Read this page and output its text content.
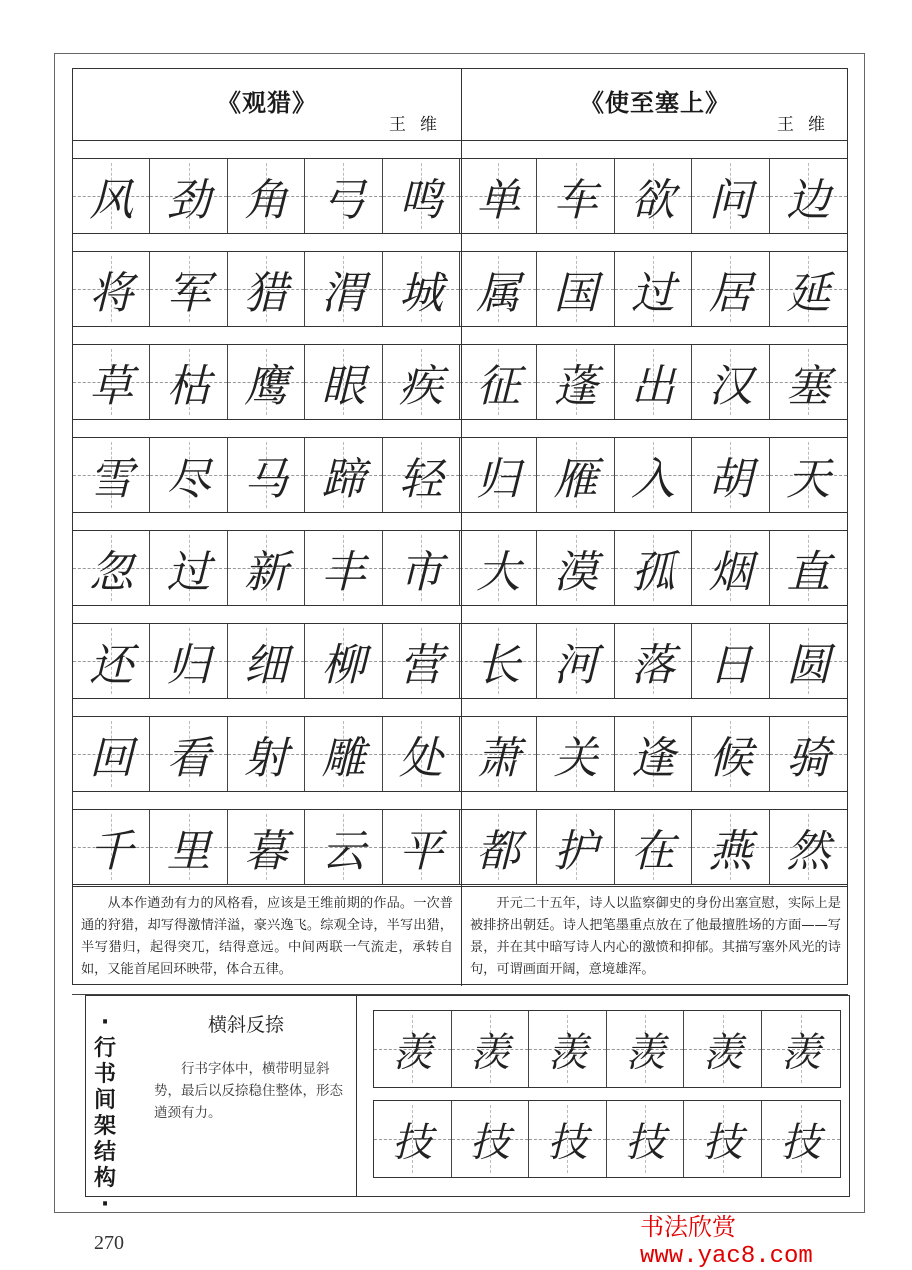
《观猎》
王维
《使至塞上》
王维
风 劲 角 弓 鸣 单 车 欲 问 边
将 军 猎 渭 城 属 国 过 居 延
草 枯 鹰 眼 疾 征 蓬 出 汉 塞
雪 尽 马 蹄 轻 归 雁 入 胡 天
忽 过 新 丰 市 大 漠 孤 烟 直
还 归 细 柳 营 长 河 落 日 圆
回 看 射 雕 处 萧 关 逢 候 骑
千 里 暮 云 平 都 护 在 燕 然
从本作遒劲有力的风格看，应该是王维前期的作品。一次普通的狩猎，却写得激情洋溢，豪兴逸飞。综观全诗，半写出猎，半写猎归，起得突兀，结得意远。中间两联一气流走，承转自如，又能首尾回环映带，体合五律。
开元二十五年，诗人以监察御史的身份出塞宣慰，实际上是被排挤出朝廷。诗人把笔墨重点放在了他最擅胜场的方面——写景，并在其中暗写诗人内心的激愤和抑郁。其描写塞外风光的诗句，可谓画面开阔，意境雄浑。
·
行
书
间
架
结
构
·
横斜反捺
行书字体中，横带明显斜势，最后以反捺稳住整体，形态遒颈有力。
羡 羡 羡 羡 羡 羡
技 技 技 技 技 技
270	书法欣赏 www.yac8.com
